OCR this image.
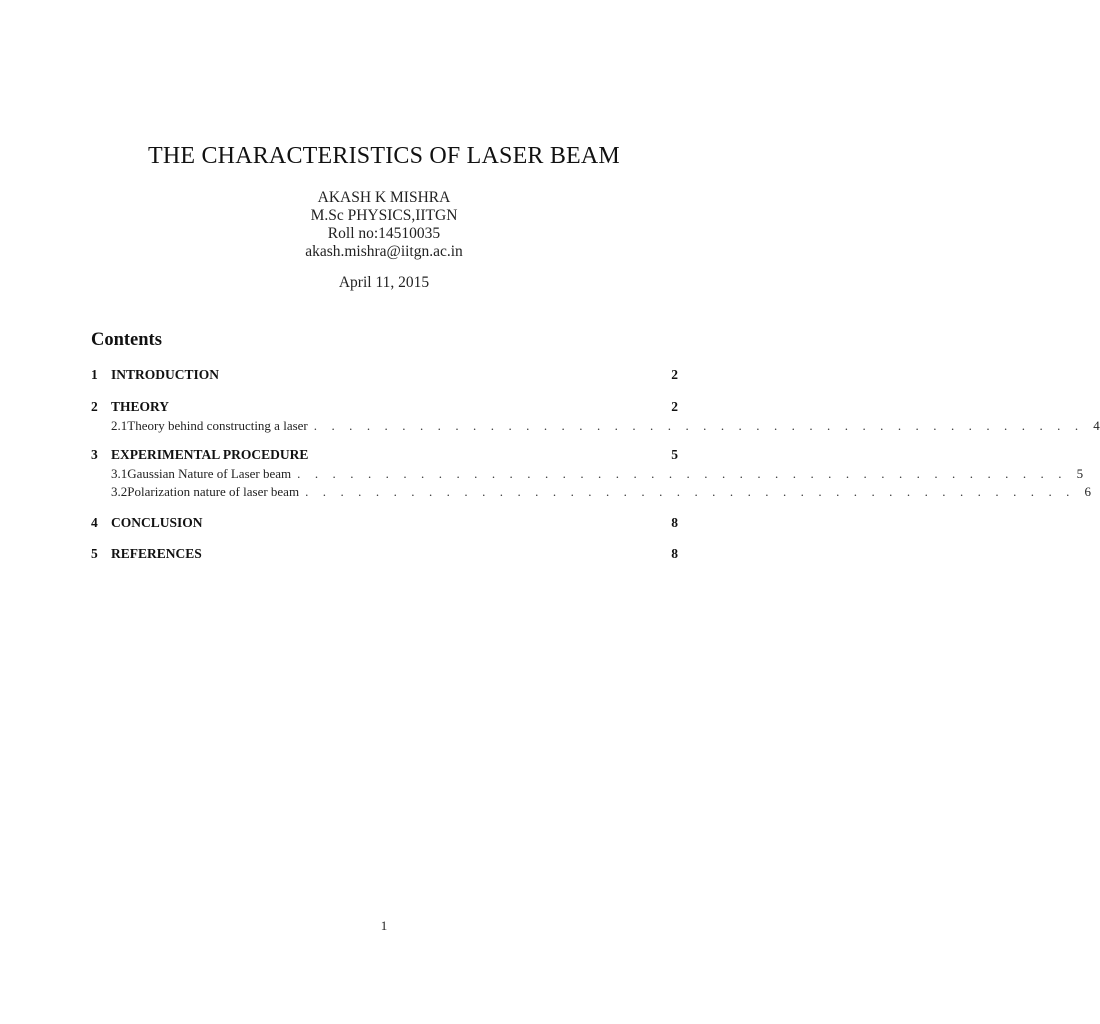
THE CHARACTERISTICS OF LASER BEAM
AKASH K MISHRA
M.Sc PHYSICS,IITGN
Roll no:14510035
akash.mishra@iitgn.ac.in
April 11, 2015
Contents
1 INTRODUCTION	2
2 THEORY	2
2.1 Theory behind constructing a laser . . . . . . . . . . . . . . . . . . . . . . . . . . . . . . . . . . . . . . . . . . . . 4
3 EXPERIMENTAL PROCEDURE	5
3.1 Gaussian Nature of Laser beam . . . . . . . . . . . . . . . . . . . . . . . . . . . . . . . . . . . . . . . . . . . . 5
3.2 Polarization nature of laser beam . . . . . . . . . . . . . . . . . . . . . . . . . . . . . . . . . . . . . . . . . . . . 6
4 CONCLUSION	8
5 REFERENCES	8
1
